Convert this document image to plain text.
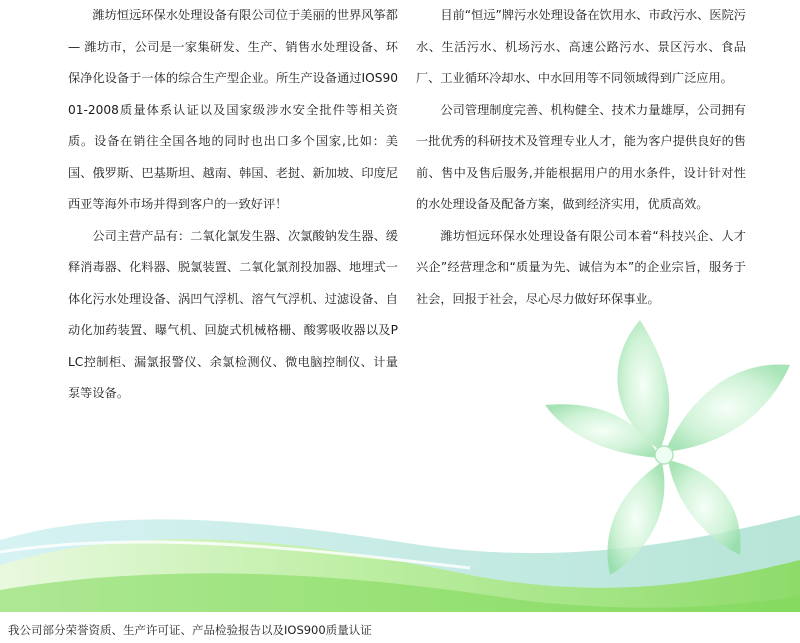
潍坊恒远环保水处理设备有限公司位于美丽的世界风筝都 — 潍坊市，公司是一家集研发、生产、销售水处理设备、环保净化设备于一体的综合生产型企业。所生产设备通过IOS9001-2008质量体系认证以及国家级涉水安全批件等相关资质。设备在销往全国各地的同时也出口多个国家,比如：美国、俄罗斯、巴基斯坦、越南、韩国、老挝、新加坡、印度尼西亚等海外市场并得到客户的一致好评！

公司主营产品有：二氧化氯发生器、次氯酸钠发生器、缓释消毒器、化料器、脱氯装置、二氧化氯剂投加器、地埋式一体化污水处理设备、涡凹气浮机、溶气气浮机、过滤设备、自动化加药装置、曝气机、回旋式机械格栅、酸雾吸收器以及PLC控制柜、漏氯报警仪、余氯检测仪、微电脑控制仪、计量泵等设备。

目前“恒远”牌污水处理设备在饮用水、市政污水、医院污水、生活污水、机场污水、高速公路污水、景区污水、食品厂、工业循环冷却水、中水回用等不同领域得到广泛应用。

公司管理制度完善、机构健全、技术力量雄厚，公司拥有一批优秀的科研技术及管理专业人才，能为客户提供良好的售前、售中及售后服务,并能根据用户的用水条件，设计针对性的水处理设备及配备方案，做到经济实用，优质高效。

潍坊恒远环保水处理设备有限公司本着“科技兴企、人才兴企”经营理念和“质量为先、诚信为本”的企业宗旨，服务于社会，回报于社会，尽心尽力做好环保事业。

我公司部分荣誉资质、生产许可证、产品检验报告以及IOS900质量认证
